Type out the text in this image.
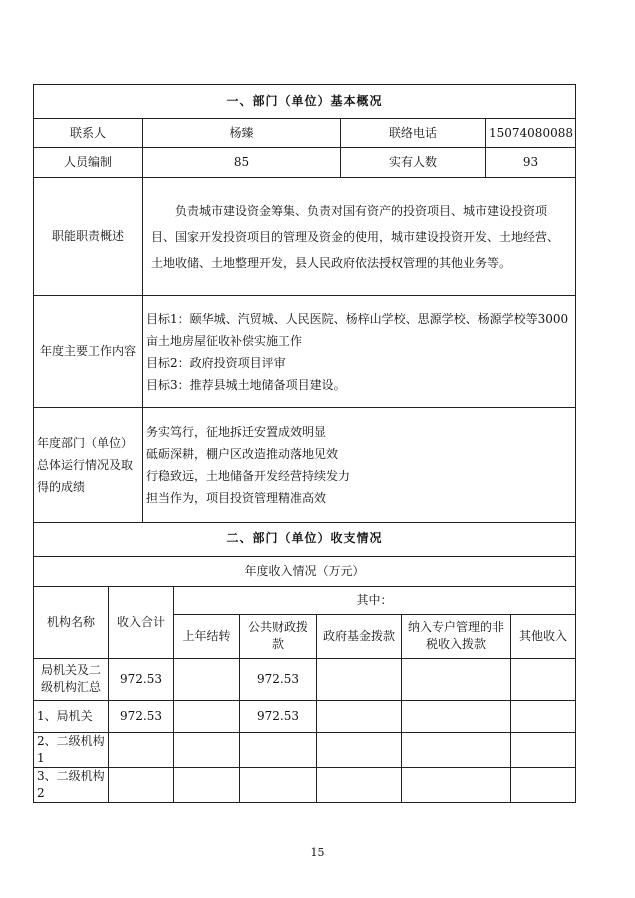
一、部门（单位）基本概况			
联系人	杨臻	联络电话	15074080088
人员编制	85	实有人数	93
职能职责概述	负责城市建设资金筹集、负责对国有资产的投资项目、城市建设投资项目、国家开发投资项目的管理及资金的使用，城市建设投资开发、土地经营、土地收储、土地整理开发，县人民政府依法授权管理的其他业务等。		
年度主要工作内容	目标1：颐华城、汽贸城、人民医院、杨梓山学校、思源学校、杨源学校等3000亩土地房屋征收补偿实施工作
目标2：政府投资项目评审
目标3：推荐县城土地储备项目建设。		

年度部门（单位）总体运行情况及取得的成绩	务实笃行，征地拆迁安置成效明显
砥砺深耕，棚户区改造推动落地见效
行稳致远，土地储备开发经营持续发力
担当作为，项目投资管理精准高效		
二、部门（单位）收支情况						
年度收入情况（万元）						
机构名称	收入合计	其中：				
		上年结转	公共财政拨款	政府基金拨款	纳入专户管理的非税收入拨款	其他收入
局机关及二级机构汇总	972.53		972.53			
1、局机关	972.53		972.53			
2、二级机构1						
3、二级机构2						
15
